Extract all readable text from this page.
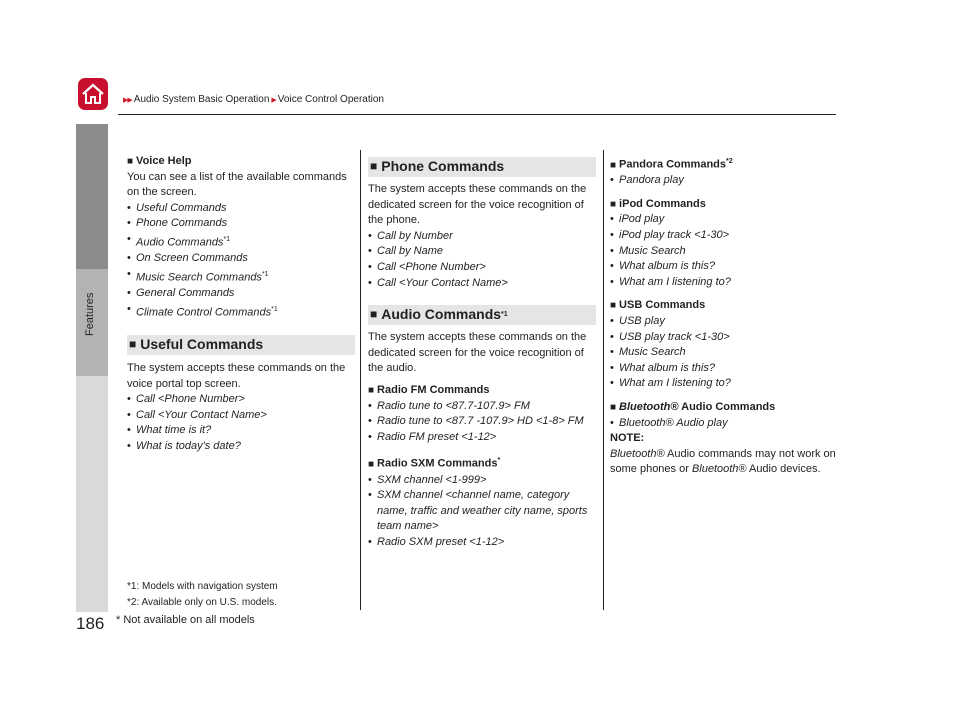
▶▶ Audio System Basic Operation ▶ Voice Control Operation
Features
186

■ Voice Help

You can see a list of the available commands on the screen.

• Useful Commands
• Phone Commands
• Audio Commands$^{*1}$
• On Screen Commands
• Music Search Commands$^{*1}$
• General Commands
• Climate Control Commands$^{*1}$
■ Useful Commands

The system accepts these commands on the voice portal top screen.

• Call <Phone Number>
• Call <Your Contact Name>
• What time is it?
• What is today's date?
*1: Models with navigation system
*2: Available only on U.S. models.
* Not available on all models
■ Phone Commands

The system accepts these commands on the dedicated screen for the voice recognition of the phone.

• Call by Number
• Call by Name
• Call <Phone Number>
• Call <Your Contact Name>
■ Audio Commands *1

The system accepts these commands on the dedicated screen for the voice recognition of the audio.

■ Radio FM Commands

• Radio tune to <87.7-107.9> FM
• Radio tune to <87.7 -107.9> HD <1-8> FM
• Radio FM preset <1-12>

■ Radio SXM Commands*

• SXM channel <1-999>
• SXM channel <channel name, category name, traffic and weather city name, sports team name>
• Radio SXM preset <1-12>

■ Pandora Commands$^{*2}$

• Pandora play

■ iPod Commands

• iPod play
• iPod play track <1-30>
• Music Search
• What album is this?
• What am I listening to?

■ USB Commands

• USB play
• USB play track <1-30>
• Music Search
• What album is this?
• What am I listening to?

■ Bluetooth® Audio Commands

• Bluetooth® Audio play

NOTE:

Bluetooth® Audio commands may not work on some phones or Bluetooth® Audio devices.
